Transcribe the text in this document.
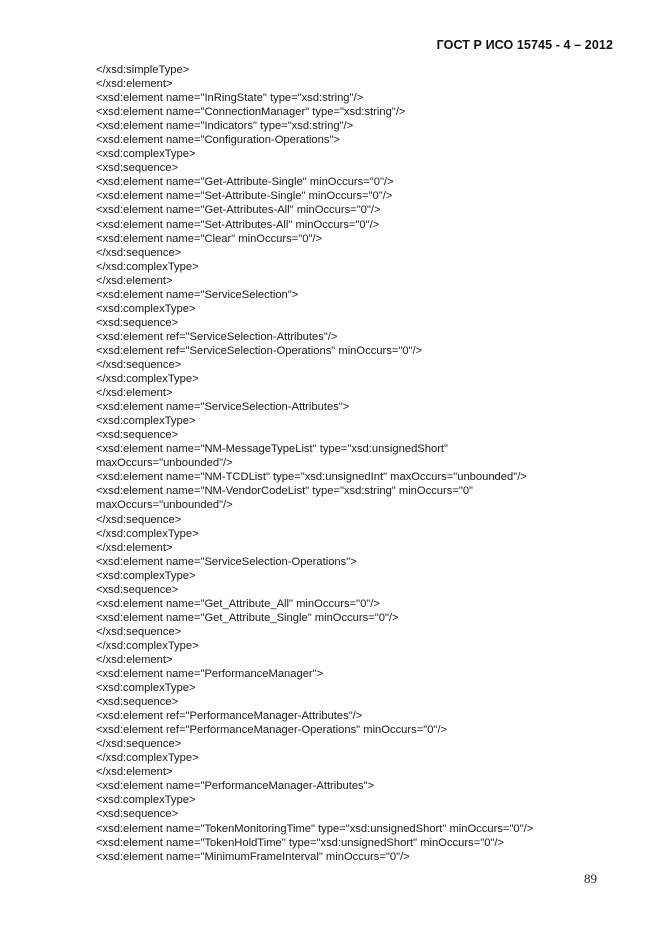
ГОСТ Р ИСО 15745 - 4 – 2012
</xsd:simpleType>
</xsd:element>
<xsd:element name="InRingState" type="xsd:string"/>
<xsd:element name="ConnectionManager" type="xsd:string"/>
<xsd:element name="Indicators" type="xsd:string"/>
<xsd:element name="Configuration-Operations">
<xsd:complexType>
<xsd:sequence>
<xsd:element name="Get-Attribute-Single" minOccurs="0"/>
<xsd:element name="Set-Attribute-Single" minOccurs="0"/>
<xsd:element name="Get-Attributes-All" minOccurs="0"/>
<xsd:element name="Set-Attributes-All" minOccurs="0"/>
<xsd:element name="Clear" minOccurs="0"/>
</xsd:sequence>
</xsd:complexType>
</xsd:element>
<xsd:element name="ServiceSelection">
<xsd:complexType>
<xsd:sequence>
<xsd:element ref="ServiceSelection-Attributes"/>
<xsd:element ref="ServiceSelection-Operations" minOccurs="0"/>
</xsd:sequence>
</xsd:complexType>
</xsd:element>
<xsd:element name="ServiceSelection-Attributes">
<xsd:complexType>
<xsd:sequence>
<xsd:element name="NM-MessageTypeList" type="xsd:unsignedShort"
maxOccurs="unbounded"/>
<xsd:element name="NM-TCDList" type="xsd:unsignedInt" maxOccurs="unbounded"/>
<xsd:element name="NM-VendorCodeList" type="xsd:string" minOccurs="0"
maxOccurs="unbounded"/>
</xsd:sequence>
</xsd:complexType>
</xsd:element>
<xsd:element name="ServiceSelection-Operations">
<xsd:complexType>
<xsd:sequence>
<xsd:element name="Get_Attribute_All" minOccurs="0"/>
<xsd:element name="Get_Attribute_Single" minOccurs="0"/>
</xsd:sequence>
</xsd:complexType>
</xsd:element>
<xsd:element name="PerformanceManager">
<xsd:complexType>
<xsd:sequence>
<xsd:element ref="PerformanceManager-Attributes"/>
<xsd:element ref="PerformanceManager-Operations" minOccurs="0"/>
</xsd:sequence>
</xsd:complexType>
</xsd:element>
<xsd:element name="PerformanceManager-Attributes">
<xsd:complexType>
<xsd:sequence>
<xsd:element name="TokenMonitoringTime" type="xsd:unsignedShort" minOccurs="0"/>
<xsd:element name="TokenHoldTime" type="xsd:unsignedShort" minOccurs="0"/>
<xsd:element name="MinimumFrameInterval" minOccurs="0"/>
89
